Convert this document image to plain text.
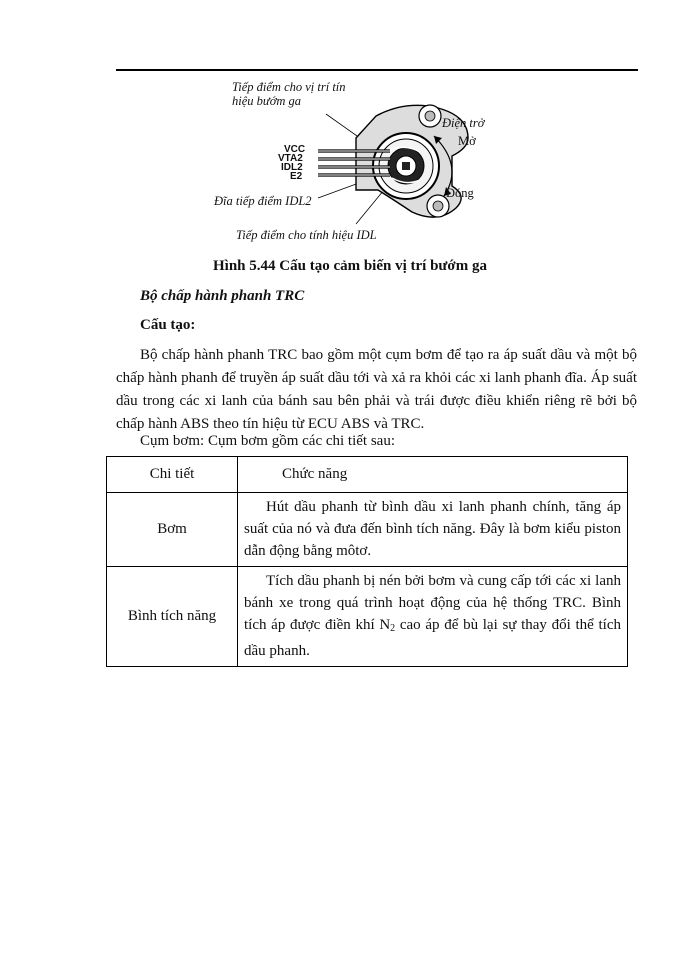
Tiếp điểm cho vị trí tín
hiệu bướm ga
Điện trở
Mở
Đóng
Đĩa tiếp điểm IDL2
Tiếp điểm cho tính hiệu IDL
VCC
VTA2
IDL2
E2
Hình 5.44 Cấu tạo cảm biến vị trí bướm ga
Bộ chấp hành phanh TRC
Cấu tạo:

Bộ chấp hành phanh TRC bao gồm một cụm bơm để tạo ra áp suất dầu và một bộ chấp hành phanh để truyền áp suất dầu tới và xả ra khỏi các xi lanh phanh đĩa. Áp suất dầu trong các xi lanh của bánh sau bên phải và trái được điều khiển riêng rẽ bởi bộ chấp hành ABS theo tín hiệu từ ECU ABS và TRC.

Cụm bơm: Cụm bơm gồm các chi tiết sau:
Chi tiết	Chức năng
Bơm	Hút dầu phanh từ bình dầu xi lanh phanh chính, tăng áp suất của nó và đưa đến bình tích năng. Đây là bơm kiểu piston dẫn động bằng môtơ.

Bình tích năng	Tích dầu phanh bị nén bởi bơm và cung cấp tới các xi lanh bánh xe trong quá trình hoạt động của hệ thống TRC. Bình tích áp được điền khí $N_2$ cao áp để bù lại sự thay đổi thể tích dầu phanh.
